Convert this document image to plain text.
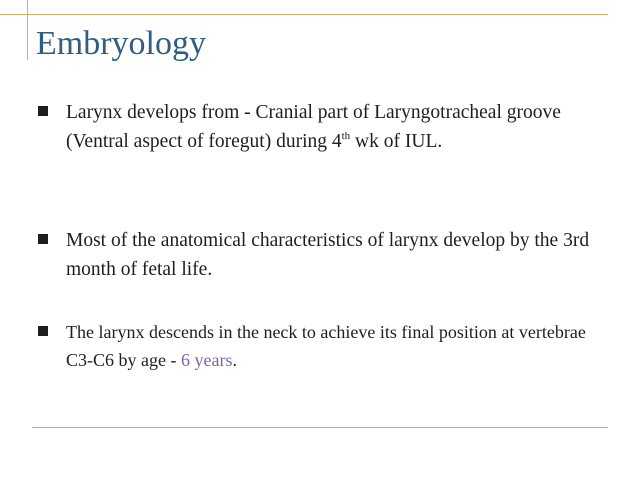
Embryology
Larynx develops from - Cranial part of Laryngotracheal groove (Ventral aspect of foregut) during 4th wk of IUL.
Most of the anatomical characteristics of larynx develop by the 3rd month of fetal life.
The larynx descends in the neck to achieve its final position at vertebrae C3-C6 by age - 6 years.
